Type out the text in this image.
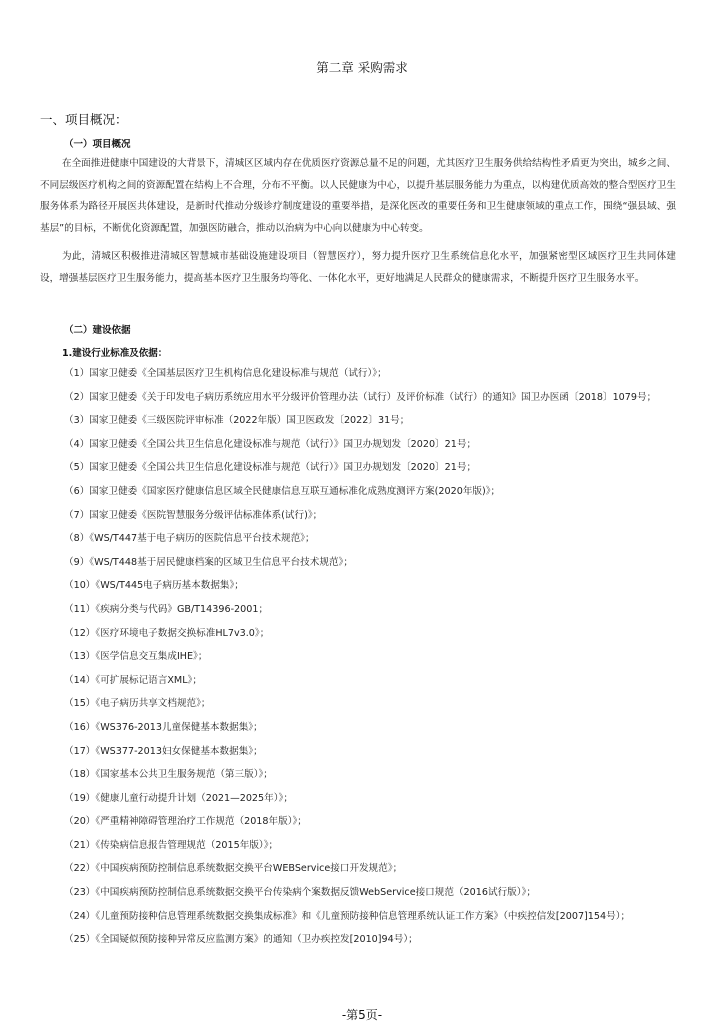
第二章 采购需求
一、项目概况：
（一）项目概况
在全面推进健康中国建设的大背景下，清城区区域内存在优质医疗资源总量不足的问题，尤其医疗卫生服务供给结构性矛盾更为突出，城乡之间、不同层级医疗机构之间的资源配置在结构上不合理，分布不平衡。以人民健康为中心，以提升基层服务能力为重点，以构建优质高效的整合型医疗卫生服务体系为路径开展医共体建设，是新时代推动分级诊疗制度建设的重要举措，是深化医改的重要任务和卫生健康领域的重点工作，围绕“强县域、强基层”的目标，不断优化资源配置，加强医防融合，推动以治病为中心向以健康为中心转变。
为此，清城区积极推进清城区智慧城市基础设施建设项目（智慧医疗），努力提升医疗卫生系统信息化水平，加强紧密型区域医疗卫生共同体建设，增强基层医疗卫生服务能力，提高基本医疗卫生服务均等化、一体化水平，更好地满足人民群众的健康需求，不断提升医疗卫生服务水平。
（二）建设依据
1.建设行业标准及依据：
（1）国家卫健委《全国基层医疗卫生机构信息化建设标准与规范（试行）》；
（2）国家卫健委《关于印发电子病历系统应用水平分级评价管理办法（试行）及评价标准（试行）的通知》国卫办医函〔2018〕1079号；
（3）国家卫健委《三级医院评审标准（2022年版）国卫医政发〔2022〕31号；
（4）国家卫健委《全国公共卫生信息化建设标准与规范（试行）》国卫办规划发〔2020〕21号；
（5）国家卫健委《全国公共卫生信息化建设标准与规范（试行）》国卫办规划发〔2020〕21号；
（6）国家卫健委《国家医疗健康信息区域全民健康信息互联互通标准化成熟度测评方案(2020年版)》；
（7）国家卫健委《医院智慧服务分级评估标准体系(试行)》；
（8）《WS/T447基于电子病历的医院信息平台技术规范》；
（9）《WS/T448基于居民健康档案的区域卫生信息平台技术规范》；
（10）《WS/T445电子病历基本数据集》；
（11）《疾病分类与代码》GB/T14396-2001；
（12）《医疗环境电子数据交换标准HL7v3.0》；
（13）《医学信息交互集成IHE》；
（14）《可扩展标记语言XML》；
（15）《电子病历共享文档规范》；
（16）《WS376-2013儿童保健基本数据集》；
（17）《WS377-2013妇女保健基本数据集》；
（18）《国家基本公共卫生服务规范（第三版）》；
（19）《健康儿童行动提升计划（2021—2025年）》；
（20）《严重精神障碍管理治疗工作规范（2018年版）》；
（21）《传染病信息报告管理规范（2015年版）》；
（22）《中国疾病预防控制信息系统数据交换平台WEBService接口开发规范》；
（23）《中国疾病预防控制信息系统数据交换平台传染病个案数据反馈WebService接口规范（2016试行版）》；
（24）《儿童预防接种信息管理系统数据交换集成标准》和《儿童预防接种信息管理系统认证工作方案》（中疾控信发[2007]154号）；
（25）《全国疑似预防接种异常反应监测方案》的通知（卫办疾控发[2010]94号）；
-第5页-
